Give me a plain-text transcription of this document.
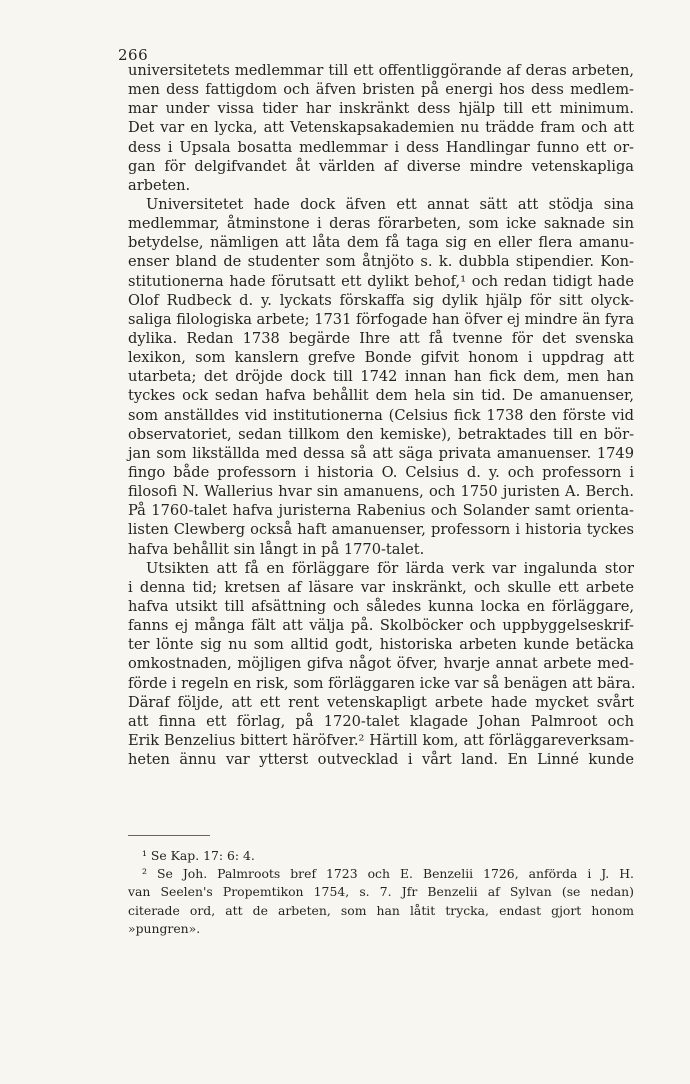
266
universitetets medlemmar till ett offentliggörande af deras arbeten,
men dess fattigdom och äfven bristen på energi hos dess medlem-
mar under vissa tider har inskränkt dess hjälp till ett minimum.
Det var en lycka, att Vetenskapsakademien nu trädde fram och att
dess i Upsala bosatta medlemmar i dess Handlingar funno ett or-
gan för delgifvandet åt världen af diverse mindre vetenskapliga
arbeten.
Universitetet hade dock äfven ett annat sätt att stödja sina
medlemmar, åtminstone i deras förarbeten, som icke saknade sin
betydelse, nämligen att låta dem få taga sig en eller flera amanu-
enser bland de studenter som åtnjöto s. k. dubbla stipendier. Kon-
stitutionerna hade förutsatt ett dylikt behof,¹ och redan tidigt hade
Olof Rudbeck d. y. lyckats förskaffa sig dylik hjälp för sitt olyck-
saliga filologiska arbete; 1731 förfogade han öfver ej mindre än fyra
dylika. Redan 1738 begärde Ihre att få tvenne för det svenska
lexikon, som kanslern grefve Bonde gifvit honom i uppdrag att
utarbeta; det dröjde dock till 1742 innan han fick dem, men han
tyckes ock sedan hafva behållit dem hela sin tid. De amanuenser,
som anställdes vid institutionerna (Celsius fick 1738 den förste vid
observatoriet, sedan tillkom den kemiske), betraktades till en bör-
jan som likställda med dessa så att säga privata amanuenser. 1749
fingo både professorn i historia O. Celsius d. y. och professorn i
filosofi N. Wallerius hvar sin amanuens, och 1750 juristen A. Berch.
På 1760-talet hafva juristerna Rabenius och Solander samt orienta-
listen Clewberg också haft amanuenser, professorn i historia tyckes
hafva behållit sin långt in på 1770-talet.
Utsikten att få en förläggare för lärda verk var ingalunda stor
i denna tid; kretsen af läsare var inskränkt, och skulle ett arbete
hafva utsikt till afsättning och således kunna locka en förläggare,
fanns ej många fält att välja på. Skolböcker och uppbyggelseskrif-
ter lönte sig nu som alltid godt, historiska arbeten kunde betäcka
omkostnaden, möjligen gifva något öfver, hvarje annat arbete med-
förde i regeln en risk, som förläggaren icke var så benägen att bära.
Däraf följde, att ett rent vetenskapligt arbete hade mycket svårt
att finna ett förlag, på 1720-talet klagade Johan Palmroot och
Erik Benzelius bittert häröfver.² Härtill kom, att förläggareverksam-
heten ännu var ytterst outvecklad i vårt land. En Linné kunde
¹ Se Kap. 17: 6: 4.
² Se Joh. Palmroots bref 1723 och E. Benzelii 1726, anförda i J. H.
van Seelen's Propemtikon 1754, s. 7. Jfr Benzelii af Sylvan (se nedan)
citerade ord, att de arbeten, som han låtit trycka, endast gjort honom
»pungren».
